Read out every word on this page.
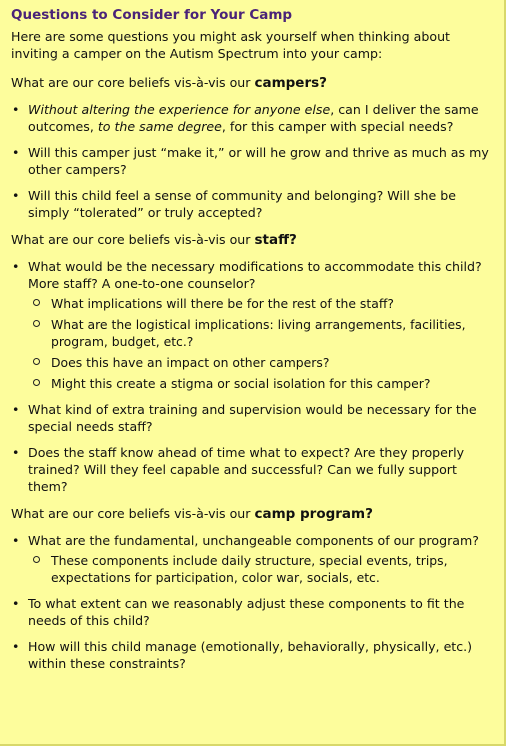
Questions to Consider for Your Camp
Here are some questions you might ask yourself when thinking about inviting a camper on the Autism Spectrum into your camp:
What are our core beliefs vis-à-vis our campers?
• Without altering the experience for anyone else, can I deliver the same outcomes, to the same degree, for this camper with special needs?
• Will this camper just “make it,” or will he grow and thrive as much as my other campers?
• Will this child feel a sense of community and belonging? Will she be simply “tolerated” or truly accepted?
What are our core beliefs vis-à-vis our staff?
• What would be the necessary modifications to accommodate this child? More staff? A one-to-one counselor?
What implications will there be for the rest of the staff?
What are the logistical implications: living arrangements, facilities, program, budget, etc.?
Does this have an impact on other campers?
Might this create a stigma or social isolation for this camper?
• What kind of extra training and supervision would be necessary for the special needs staff?
• Does the staff know ahead of time what to expect? Are they properly trained? Will they feel capable and successful? Can we fully support them?
What are our core beliefs vis-à-vis our camp program?
• What are the fundamental, unchangeable components of our program?
These components include daily structure, special events, trips, expectations for participation, color war, socials, etc.
• To what extent can we reasonably adjust these components to fit the needs of this child?
• How will this child manage (emotionally, behaviorally, physically, etc.) within these constraints?
